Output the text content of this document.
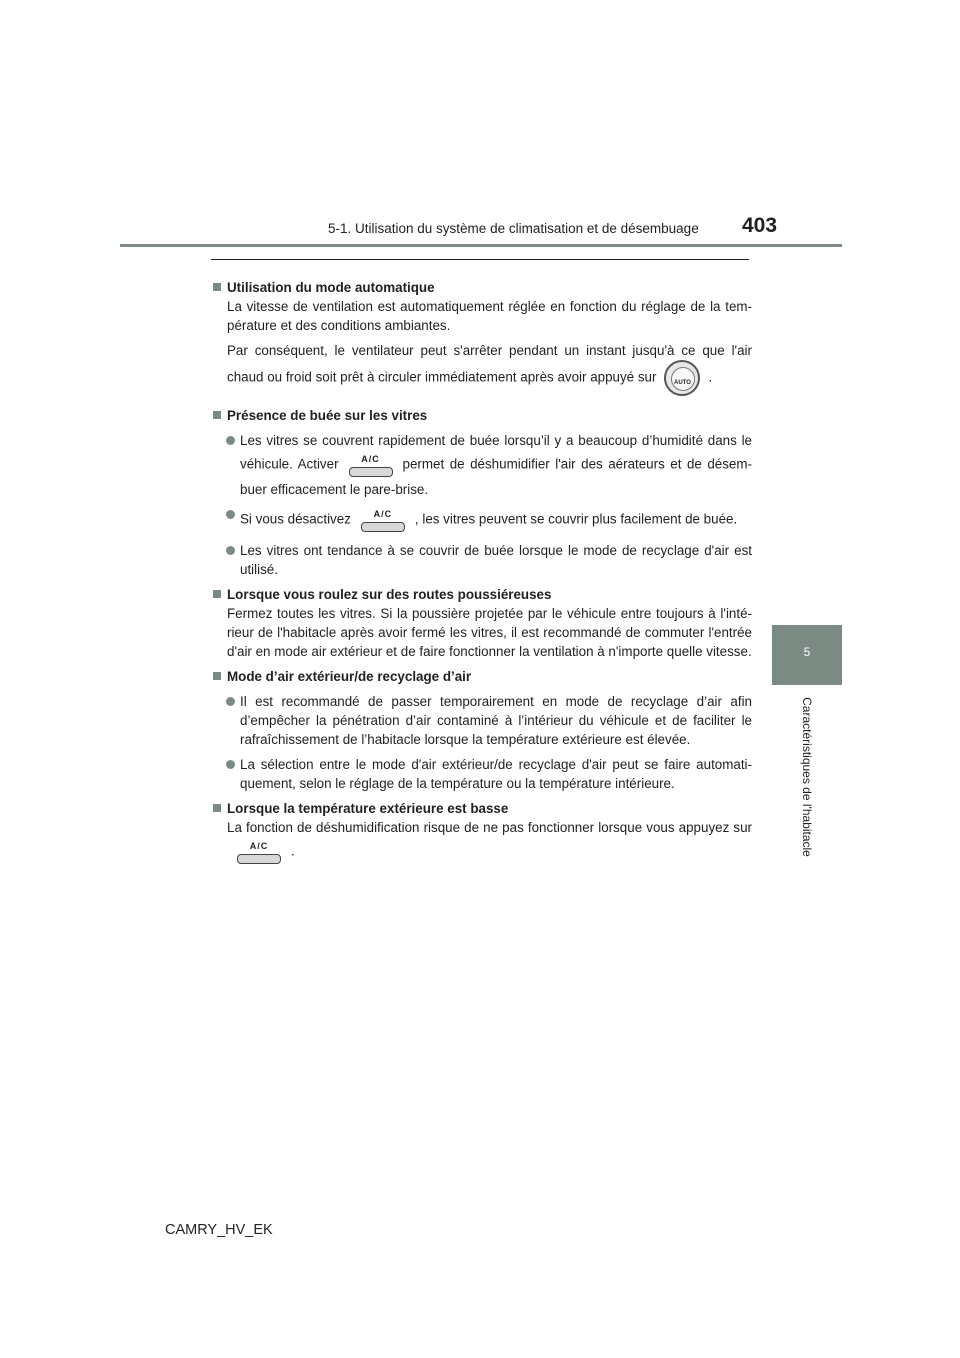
5-1. Utilisation du système de climatisation et de désembuage 403
5
Caractéristiques de l'habitacle
Utilisation du mode automatique
La vitesse de ventilation est automatiquement réglée en fonction du réglage de la tem-pérature et des conditions ambiantes.
Par conséquent, le ventilateur peut s'arrêter pendant un instant jusqu'à ce que l'air chaud ou froid soit prêt à circuler immédiatement après avoir appuyé sur	AUTO	.
Présence de buée sur les vitres
Les vitres se couvrent rapidement de buée lorsqu’il y a beaucoup d’humidité dans le véhicule. Activer	A/C	permet de déshumidifier l'air des aérateurs et de désem-buer efficacement le pare-brise.
Si vous désactivez	A/C	, les vitres peuvent se couvrir plus facilement de buée.
Les vitres ont tendance à se couvrir de buée lorsque le mode de recyclage d'air est utilisé.
Lorsque vous roulez sur des routes poussiéreuses
Fermez toutes les vitres. Si la poussière projetée par le véhicule entre toujours à l'inté-rieur de l'habitacle après avoir fermé les vitres, il est recommandé de commuter l'entrée d'air en mode air extérieur et de faire fonctionner la ventilation à n'importe quelle vitesse.
Mode d’air extérieur/de recyclage d’air
Il est recommandé de passer temporairement en mode de recyclage d’air afin d’empêcher la pénétration d’air contaminé à l’intérieur du véhicule et de faciliter le rafraîchissement de l’habitacle lorsque la température extérieure est élevée.
La sélection entre le mode d'air extérieur/de recyclage d'air peut se faire automati-quement, selon le réglage de la température ou la température intérieure.
Lorsque la température extérieure est basse
La fonction de déshumidification risque de ne pas fonctionner lorsque vous appuyez sur
A/C	.
CAMRY_HV_EK
